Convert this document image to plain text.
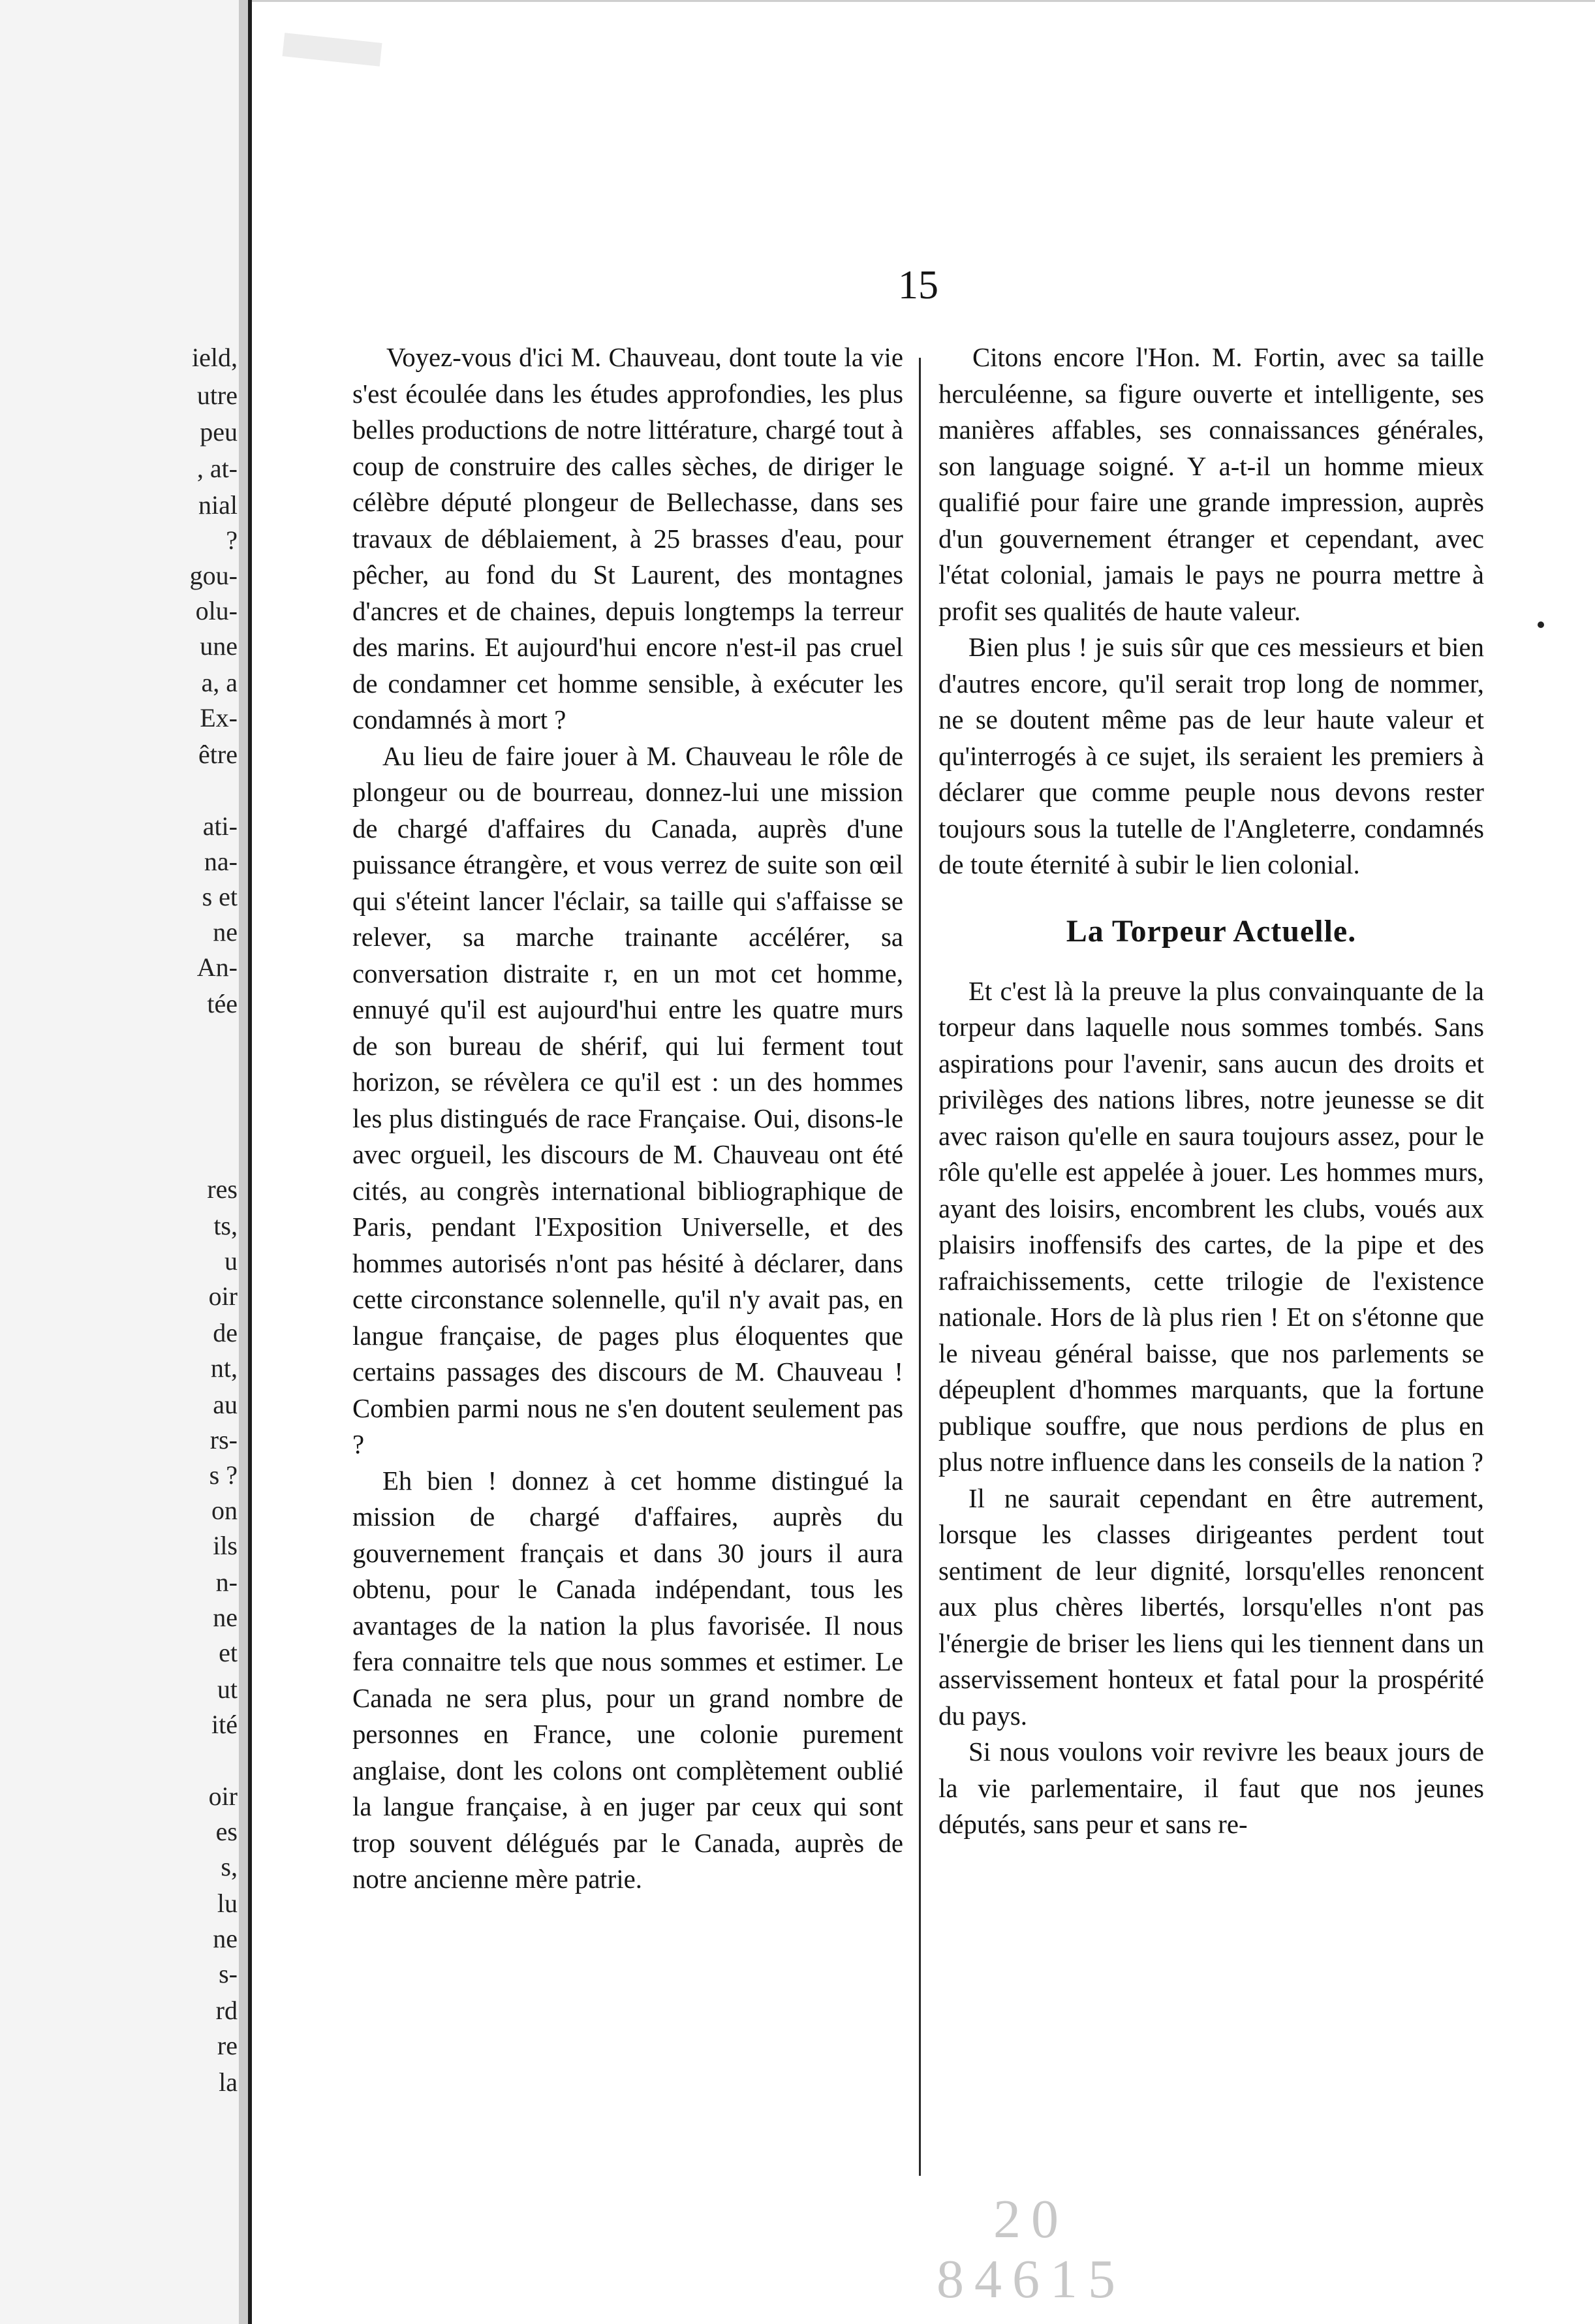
ield,
utre
peu
, at-
nial
?
gou-
olu-
une
a, a
Ex-
être
ati-
na-
s et
ne
An-
tée
res
ts,
u
oir
de
nt,
au
rs-
s ?
on
ils
n-
ne
et
ut
ité
oir
es
s,
lu
ne
s-
rd
re
la
15

Voyez-vous d'ici M. Chauveau, dont toute la vie s'est écoulée dans les études approfondies, les plus belles productions de notre littérature, chargé tout à coup de construire des calles sèches, de diriger le célèbre député plongeur de Bellechasse, dans ses travaux de déblaiement, à 25 brasses d'eau, pour pêcher, au fond du St Laurent, des montagnes d'ancres et de chaines, depuis longtemps la terreur des marins. Et aujourd'hui encore n'est-il pas cruel de condamner cet homme sensible, à exécuter les condamnés à mort ?

Au lieu de faire jouer à M. Chauveau le rôle de plongeur ou de bourreau, donnez-lui une mission de chargé d'affaires du Canada, auprès d'une puissance étrangère, et vous verrez de suite son œil qui s'éteint lancer l'éclair, sa taille qui s'affaisse se relever, sa marche trainante accélérer, sa conversation distraite r, en un mot cet homme, ennuyé qu'il est aujourd'hui entre les quatre murs de son bureau de shérif, qui lui ferment tout horizon, se révèlera ce qu'il est : un des hommes les plus distingués de race Française. Oui, disons-le avec orgueil, les discours de M. Chauveau ont été cités, au congrès international bibliographique de Paris, pendant l'Exposition Universelle, et des hommes autorisés n'ont pas hésité à déclarer, dans cette circonstance solennelle, qu'il n'y avait pas, en langue française, de pages plus éloquentes que certains passages des discours de M. Chauveau ! Combien parmi nous ne s'en doutent seulement pas ?

Eh bien ! donnez à cet homme distingué la mission de chargé d'affaires, auprès du gouvernement français et dans 30 jours il aura obtenu, pour le Canada indépendant, tous les avantages de la nation la plus favorisée. Il nous fera connaitre tels que nous sommes et estimer. Le Canada ne sera plus, pour un grand nombre de personnes en France, une colonie purement anglaise, dont les colons ont complètement oublié la langue française, à en juger par ceux qui sont trop souvent délégués par le Canada, auprès de notre ancienne mère patrie.

Citons encore l'Hon. M. Fortin, avec sa taille herculéenne, sa figure ouverte et intelligente, ses manières affables, ses connaissances générales, son language soigné. Y a-t-il un homme mieux qualifié pour faire une grande impression, auprès d'un gouvernement étranger et cependant, avec l'état colonial, jamais le pays ne pourra mettre à profit ses qualités de haute valeur.

Bien plus ! je suis sûr que ces messieurs et bien d'autres encore, qu'il serait trop long de nommer, ne se doutent même pas de leur haute valeur et qu'interrogés à ce sujet, ils seraient les premiers à déclarer que comme peuple nous devons rester toujours sous la tutelle de l'Angleterre, condamnés de toute éternité à subir le lien colonial.

La Torpeur Actuelle.

Et c'est là la preuve la plus convainquante de la torpeur dans laquelle nous sommes tombés. Sans aspirations pour l'avenir, sans aucun des droits et privilèges des nations libres, notre jeunesse se dit avec raison qu'elle en saura toujours assez, pour le rôle qu'elle est appelée à jouer. Les hommes murs, ayant des loisirs, encombrent les clubs, voués aux plaisirs inoffensifs des cartes, de la pipe et des rafraichissements, cette trilogie de l'existence nationale. Hors de là plus rien ! Et on s'étonne que le niveau général baisse, que nos parlements se dépeuplent d'hommes marquants, que la fortune publique souffre, que nous perdions de plus en plus notre influence dans les conseils de la nation ?

Il ne saurait cependant en être autrement, lorsque les classes dirigeantes perdent tout sentiment de leur dignité, lorsqu'elles renoncent aux plus chères libertés, lorsqu'elles n'ont pas l'énergie de briser les liens qui les tiennent dans un asservissement honteux et fatal pour la prospérité du pays.

Si nous voulons voir revivre les beaux jours de la vie parlementaire, il faut que nos jeunes députés, sans peur et sans re-

20
84615
